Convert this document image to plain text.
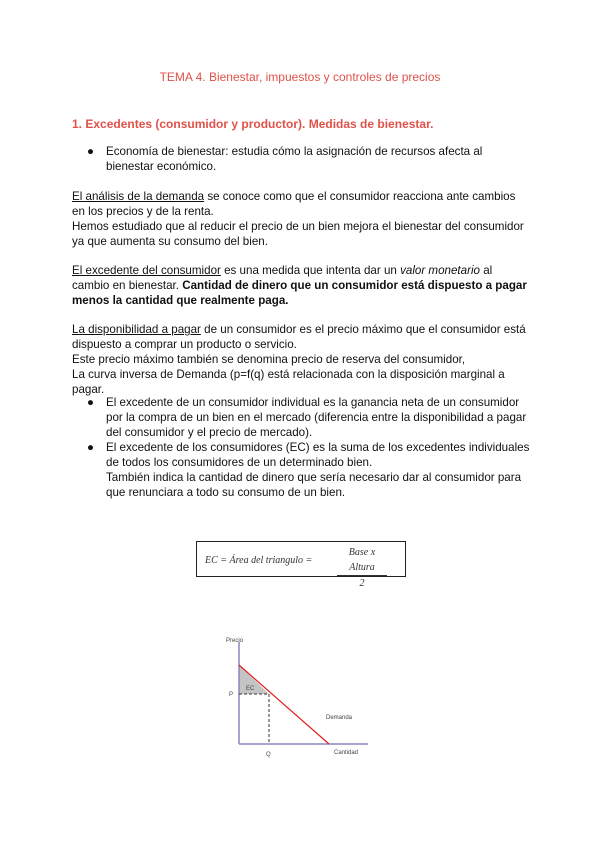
TEMA 4. Bienestar, impuestos y controles de precios
1. Excedentes (consumidor y productor). Medidas de bienestar.

● Economía de bienestar: estudia cómo la asignación de recursos afecta al bienestar económico.

El análisis de la demanda se conoce como que el consumidor reacciona ante cambios en los precios y de la renta.

Hemos estudiado que al reducir el precio de un bien mejora el bienestar del consumidor ya que aumenta su consumo del bien.

El excedente del consumidor es una medida que intenta dar un valor monetario al cambio en bienestar. Cantidad de dinero que un consumidor está dispuesto a pagar menos la cantidad que realmente paga.

La disponibilidad a pagar de un consumidor es el precio máximo que el consumidor está dispuesto a comprar un producto o servicio.

Este precio máximo también se denomina precio de reserva del consumidor,

La curva inversa de Demanda (p=f(q) está relacionada con la disposición marginal a pagar.

● El excedente de un consumidor individual es la ganancia neta de un consumidor por la compra de un bien en el mercado (diferencia entre la disponibilidad a pagar del consumidor y el precio de mercado).

● El excedente de los consumidores (EC) es la suma de los excedentes individuales de todos los consumidores de un determinado bien.

También indica la cantidad de dinero que sería necesario dar al consumidor para que renunciara a todo su consumo de un bien.

EC = Área del triangulo =
Base x Altura
2
Precio
P
EC
Demanda
Q	Cantidad
